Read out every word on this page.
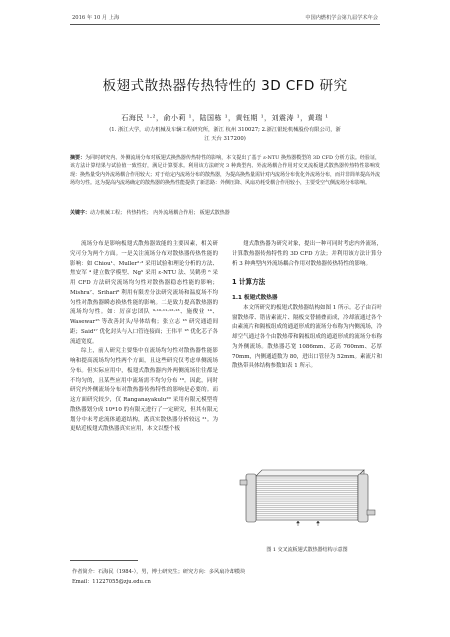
2016 年 10 月 上海	中国内燃机学会第九届学术年会
板翅式散热器传热特性的 3D CFD 研究
石海民 ¹·²，俞小莉 ¹，陆国栋 ¹，黄钰期 ¹，刘震涛 ¹，黄瑞 ¹
(1. 浙江大学，动力机械及车辆工程研究所，浙江 杭州 310027; 2.浙江银轮机械股份有限公司，浙
江 天台 317200)
摘要：为同时研究内、外侧流场分布对板翅式换热器传热特性的影响，本文提出了基于 ε-NTU 换热器模型的 3D CFD 分析方法。经验证，该方法计算结果与试验值一致性好，满足计算要求。利用该方法研究 3 种典型内、外流场耦合作用对交叉流板翅式散热器传热特性影响发现：换热量受内外流场耦合作用较大；对于给定内流场分布的散热器，为提高换热量需针对内流场分布优化外流场分布，而并非简单提高外流场均匀性。这为提高内流场确定的散热器的换热性能提供了新思路：外侧压降、风扇功耗受耦合作用较小，主要受空气侧流场分布影响。
关键字：动力机械工程； 传热特性； 内外流场耦合作用； 板翅式散热器

流场分布是影响板翅式散热器效能的主要因素，相关研究可分为两个方面。一是关注流场分布对散热器传热性能的影响：如 Chiou¹、Muller²·³ 采用试验和理论分析的方法、焦安军 ⁴ 建立数学模型、Ng⁵ 采用 ε-NTU 法、吴鹤勇 ⁶ 采用 CFD 方法研究流场均匀性对散热器稳态性能的影响；Mishra⁷、Srihari⁸ 利用有限差分法研究流场和温度场不均匀性对散热器瞬态换热性能的影响。二是致力提高散热器的流场均匀性。如：厉彦忠团队 ⁹·¹⁰·¹¹·¹²·¹³、施俊业 ¹⁴、Wasewar¹⁵ 等改善封头/导体结构；张立志 ¹⁶ 研究通道间距；Said¹⁷ 优化封头与入口管连接面；王伟平 ¹⁸ 优化芯子各流道宽度。

综上，前人研究主要集中在流场均匀性对散热器性能影响和提高流场均匀性两个方面，且这些研究仅考虑单侧流场分布。但实际应用中，板翅式散热器内外两侧流场往往都是不均匀的，且某些应用中流场需不均匀分布 ¹⁹。因此，同时研究内外侧流场分布对散热器传热特性的影响是必要的。而这方面研究较少，仅 Ranganayakulu²⁰ 采用有限元模型将散热器划分成 10*10 的有限元进行了一定研究，但其有限元划分中未考虑流体通道结构，离真实散热器分析较远 ²¹。为更贴近板翅式散热器真实应用，本文以整个板

翅式散热器为研究对象，提出一种可同时考虑内外流场，计算散热器传热特性的 3D CFD 方法；并利用该方法计算分析 3 种典型内外流场耦合作用对散热器传热特性的影响。

1 计算方法
1.1 板翅式散热器

本文所研究的板翅式散热器结构如图 1 所示。芯子由百叶窗散热带、错齿素流片、隔板交替辅叠而成，冷却液通过各个由素流片和隔板组成的通道形成的流场分布称为内侧流场，冷却空气通过各个由散热带和隔板组成的通道形成的流场分布称为外侧流场。散热器芯宽 1086mm、芯高 760mm、芯厚 70mm，内侧通道数为 80，进出口管径为 52mm。素流片和散热带具体结构参数如表 1 所示。

图 1 交叉流板翅式散热器结构示意图
作者简介：石海民（1984-），男，博士研究生；研究方向：多风扇冷却模块
Email：11227055@zju.edu.cn
